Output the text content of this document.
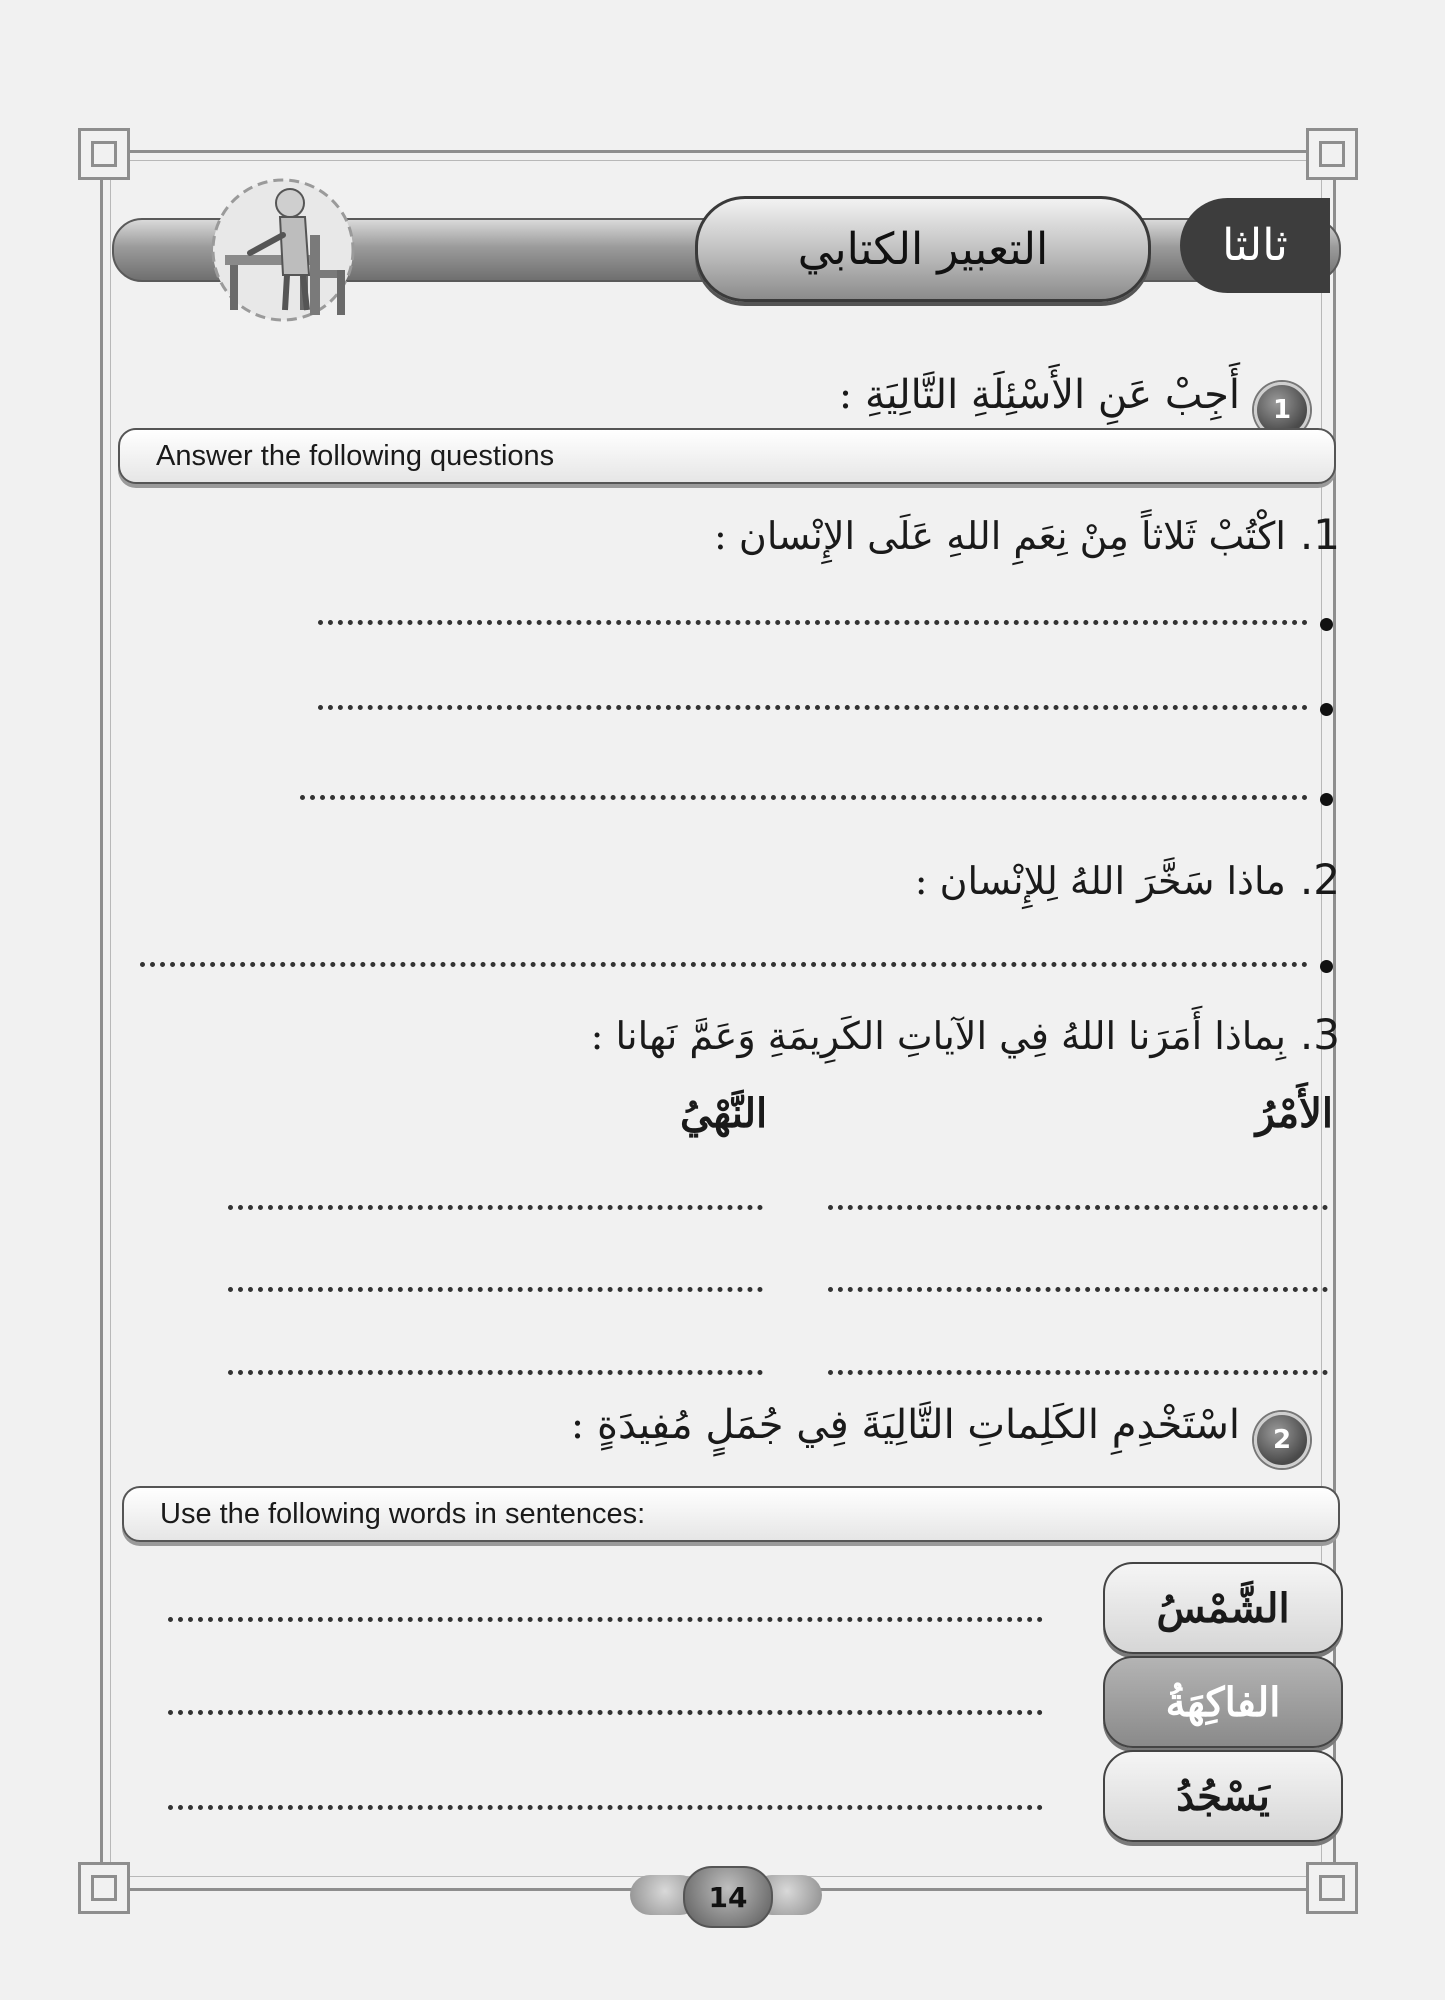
التعبير الكتابي	ثالثا
1
أَجِبْ عَنِ الأَسْئِلَةِ التَّالِيَةِ :
Answer the following questions
1.اكْتُبْ ثَلاثاً مِنْ نِعَمِ اللهِ عَلَى الإِنْسان :
2.ماذا سَخَّرَ اللهُ لِلإِنْسان :
3.بِماذا أَمَرَنا اللهُ فِي الآياتِ الكَرِيمَةِ وَعَمَّ نَهانا :
الأَمْرُ
النَّهْيُ
2
اسْتَخْدِمِ الكَلِماتِ التَّالِيَةَ فِي جُمَلٍ مُفِيدَةٍ :
Use the following words in sentences:
الشَّمْسُ
الفاكِهَةُ
يَسْجُدُ
14
